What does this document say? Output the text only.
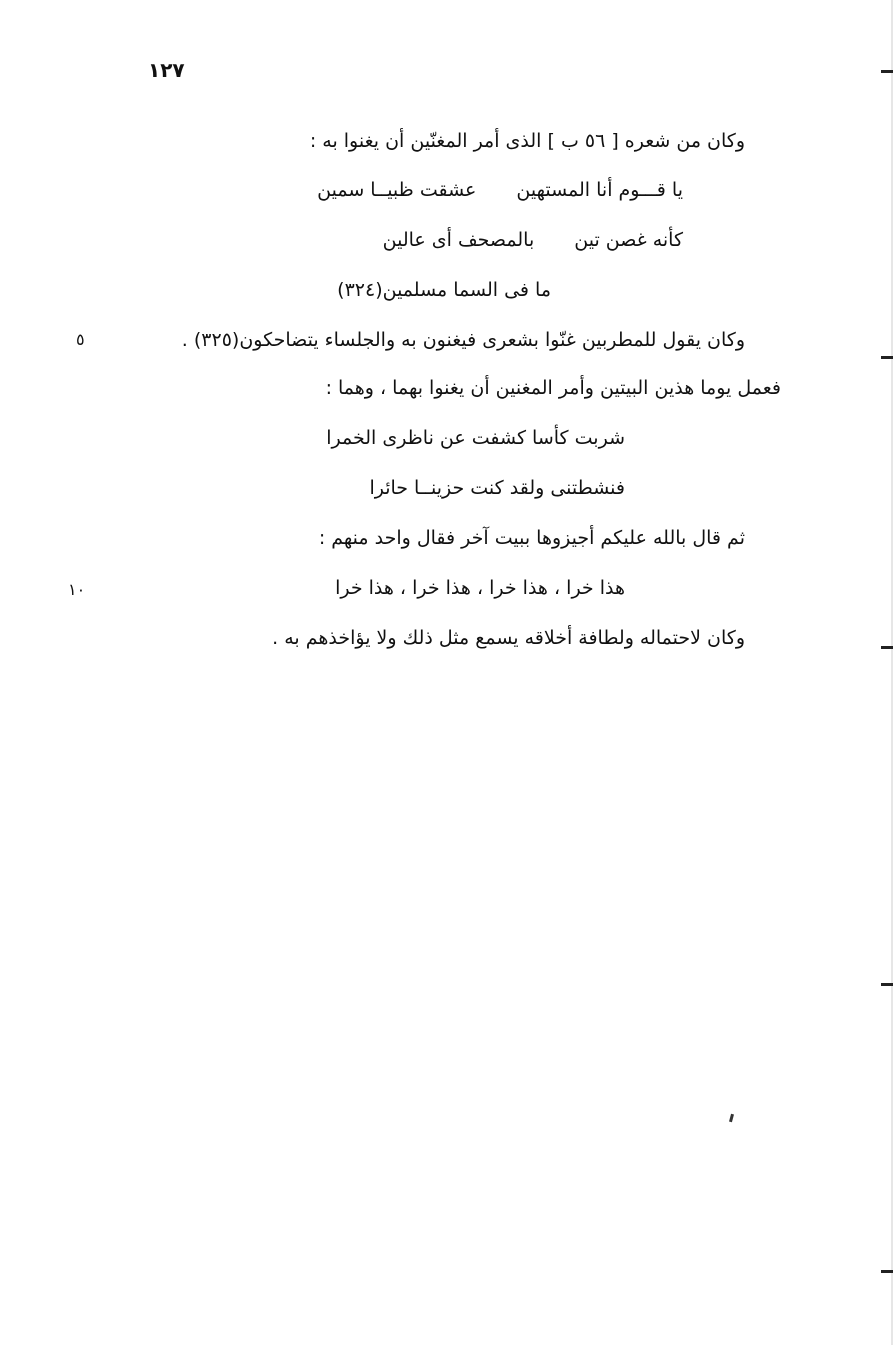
١٢٧
وكان من شعره [ ٥٦ ب ] الذى أمر المغنّين أن يغنوا به :
يا قـــوم أنا المستهينعشقت ظبيــا سمين
كأنه غصن تينبالمصحف أى عالين
ما فى السما مسلمين(٣٢٤)
وكان يقول للمطربين غنّوا بشعرى فيغنون به والجلساء يتضاحكون(٣٢٥) .
٥
فعمل يوما هذين البيتين وأمر المغنين أن يغنوا بهما ، وهما :
شربت كأسا كشفت عن ناظرى الخمرا
فنشطتنى ولقد كنت حزينــا حائرا
ثم قال بالله عليكم أجيزوها ببيت آخر فقال واحد منهم :
هذا خرا ، هذا خرا ، هذا خرا ، هذا خرا
١٠
وكان لاحتماله ولطافة أخلاقه يسمع مثل ذلك ولا يؤاخذهم به .
